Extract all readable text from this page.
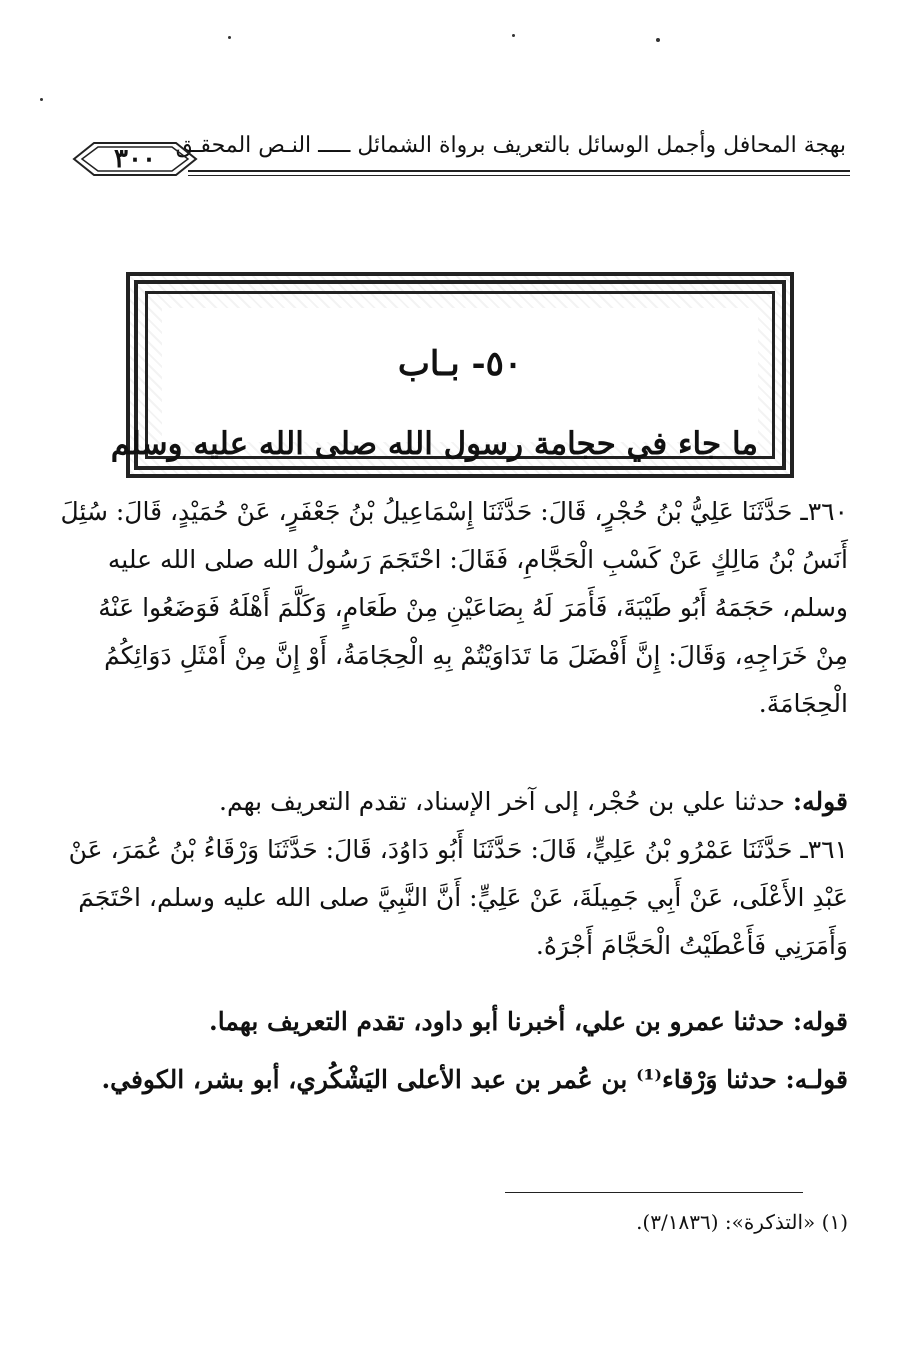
بهجة المحافل وأجمل الوسائل بالتعريف برواة الشمائل ـــــ النـص المحقـق
٣٠٠
٥٠- بـاب
ما جاء في حجامة رسول الله صلى الله عليه وسلم

٣٦٠ـ حَدَّثَنَا عَلِيُّ بْنُ حُجْرٍ، قَالَ: حَدَّثَنَا إِسْمَاعِيلُ بْنُ جَعْفَرٍ، عَنْ حُمَيْدٍ، قَالَ: سُئِلَ أَنَسُ بْنُ مَالِكٍ عَنْ كَسْبِ الْحَجَّامِ، فَقَالَ: احْتَجَمَ رَسُولُ الله صلى الله عليه وسلم، حَجَمَهُ أَبُو طَيْبَةَ، فَأَمَرَ لَهُ بِصَاعَيْنِ مِنْ طَعَامٍ، وَكَلَّمَ أَهْلَهُ فَوَضَعُوا عَنْهُ مِنْ خَرَاجِهِ، وَقَالَ: إِنَّ أَفْضَلَ مَا تَدَاوَيْتُمْ بِهِ الْحِجَامَةُ، أَوْ إِنَّ مِنْ أَمْثَلِ دَوَائِكُمُ الْحِجَامَةَ.

قوله: حدثنا علي بن حُجْر، إلى آخر الإسناد، تقدم التعريف بهم.

٣٦١ـ حَدَّثَنَا عَمْرُو بْنُ عَلِيٍّ، قَالَ: حَدَّثَنَا أَبُو دَاوُدَ، قَالَ: حَدَّثَنَا وَرْقَاءُ بْنُ عُمَرَ، عَنْ عَبْدِ الأَعْلَى، عَنْ أَبِي جَمِيلَةَ، عَنْ عَلِيٍّ: أَنَّ النَّبِيَّ صلى الله عليه وسلم، احْتَجَمَ وَأَمَرَنِي فَأَعْطَيْتُ الْحَجَّامَ أَجْرَهُ.

قوله: حدثنا عمرو بن علي، أخبرنا أبو داود، تقدم التعريف بهما.

قولـه: حدثنا وَرْقاء⁽¹⁾ بن عُمر بن عبد الأعلى اليَشْكُري، أبو بشر، الكوفي.

(١) «التذكرة»: (٣/١٨٣٦).
